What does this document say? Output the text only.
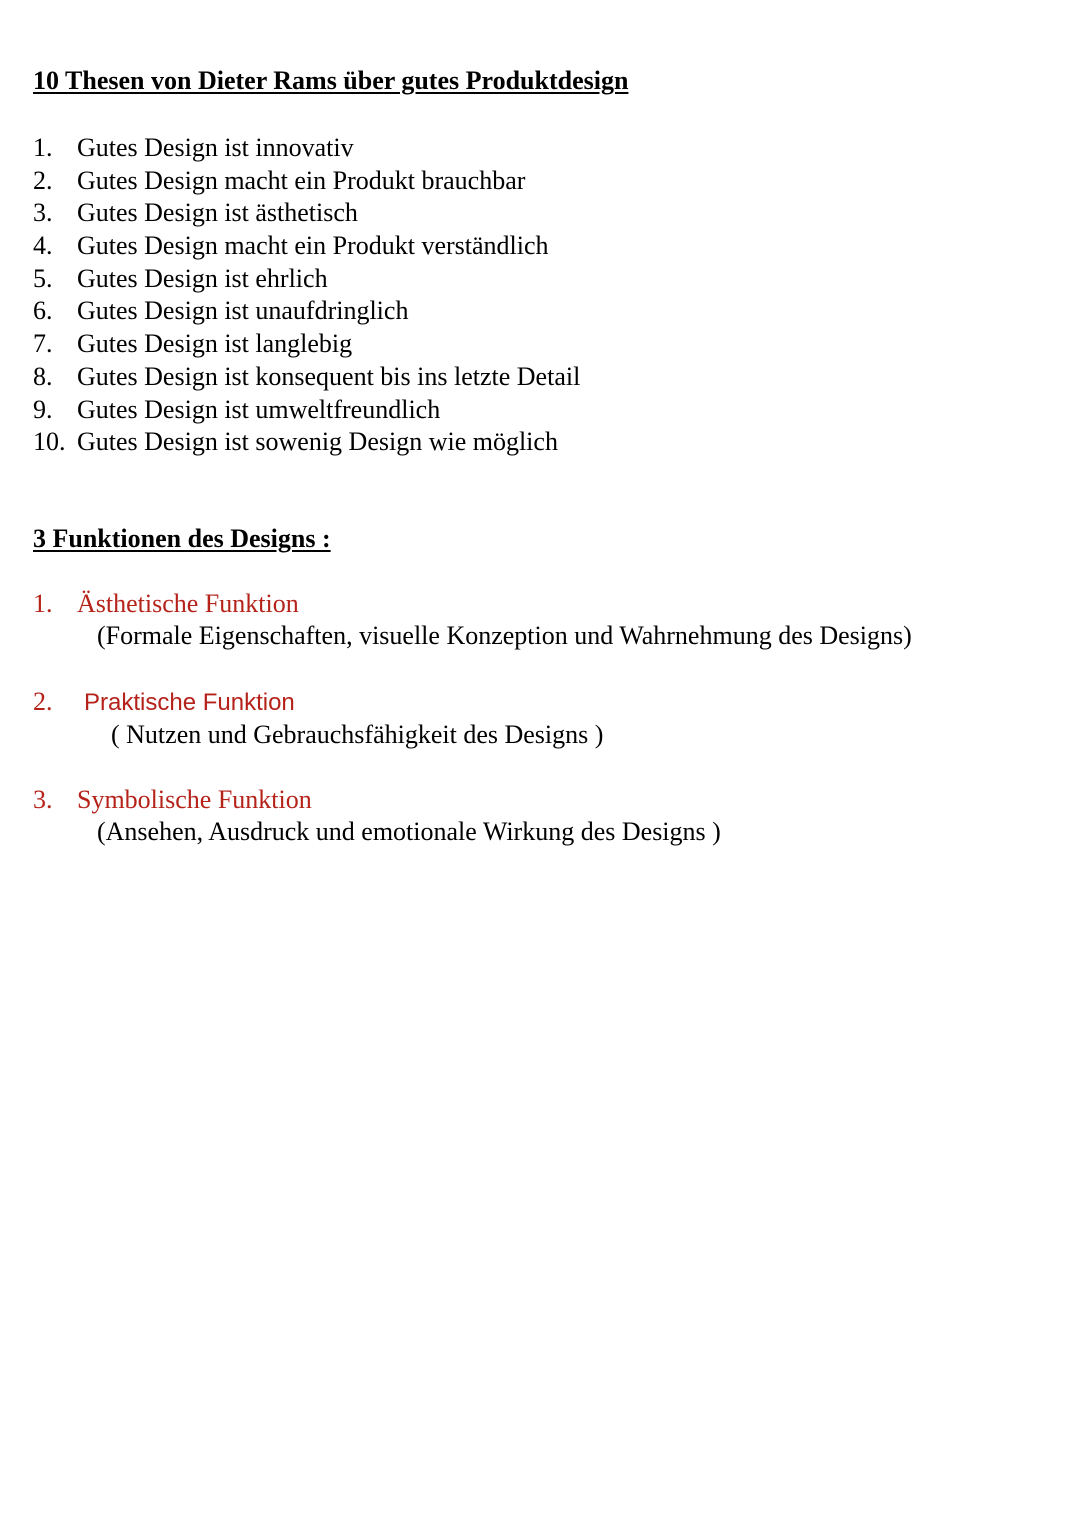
10 Thesen von Dieter Rams über gutes Produktdesign
1. Gutes Design ist innovativ
2. Gutes Design macht ein Produkt brauchbar
3. Gutes Design ist ästhetisch
4. Gutes Design macht ein Produkt verständlich
5. Gutes Design ist ehrlich
6. Gutes Design ist unaufdringlich
7. Gutes Design ist langlebig
8. Gutes Design ist konsequent bis ins letzte Detail
9. Gutes Design ist umweltfreundlich
10. Gutes Design ist sowenig Design wie möglich
3 Funktionen des Designs :
1. Ästhetische Funktion
(Formale Eigenschaften, visuelle Konzeption und Wahrnehmung des Designs)
2. Praktische Funktion
( Nutzen und Gebrauchsfähigkeit des Designs )
3. Symbolische Funktion
(Ansehen, Ausdruck und emotionale Wirkung des Designs )
